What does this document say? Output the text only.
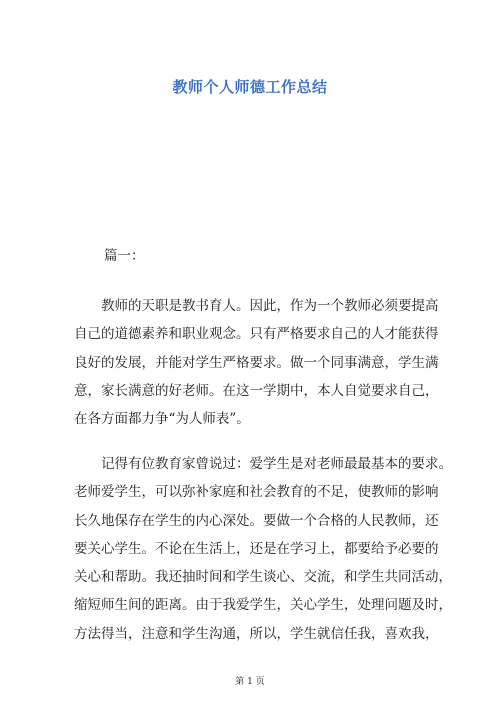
教师个人师德工作总结
篇一：

　　教师的天职是教书育人。因此，作为一个教师必须要提高
自己的道德素养和职业观念。只有严格要求自己的人才能获得
良好的发展，并能对学生严格要求。做一个同事满意，学生满
意，家长满意的好老师。在这一学期中，本人自觉要求自己，
在各方面都力争“为人师表”。

　　记得有位教育家曾说过：爱学生是对老师最最基本的要求。
老师爱学生，可以弥补家庭和社会教育的不足，使教师的影响
长久地保存在学生的内心深处。要做一个合格的人民教师，还
要关心学生。不论在生活上，还是在学习上，都要给予必要的
关心和帮助。我还抽时间和学生谈心、交流，和学生共同活动，
缩短师生间的距离。由于我爱学生，关心学生，处理问题及时，
方法得当，注意和学生沟通，所以，学生就信任我，喜欢我，

第 1 页
